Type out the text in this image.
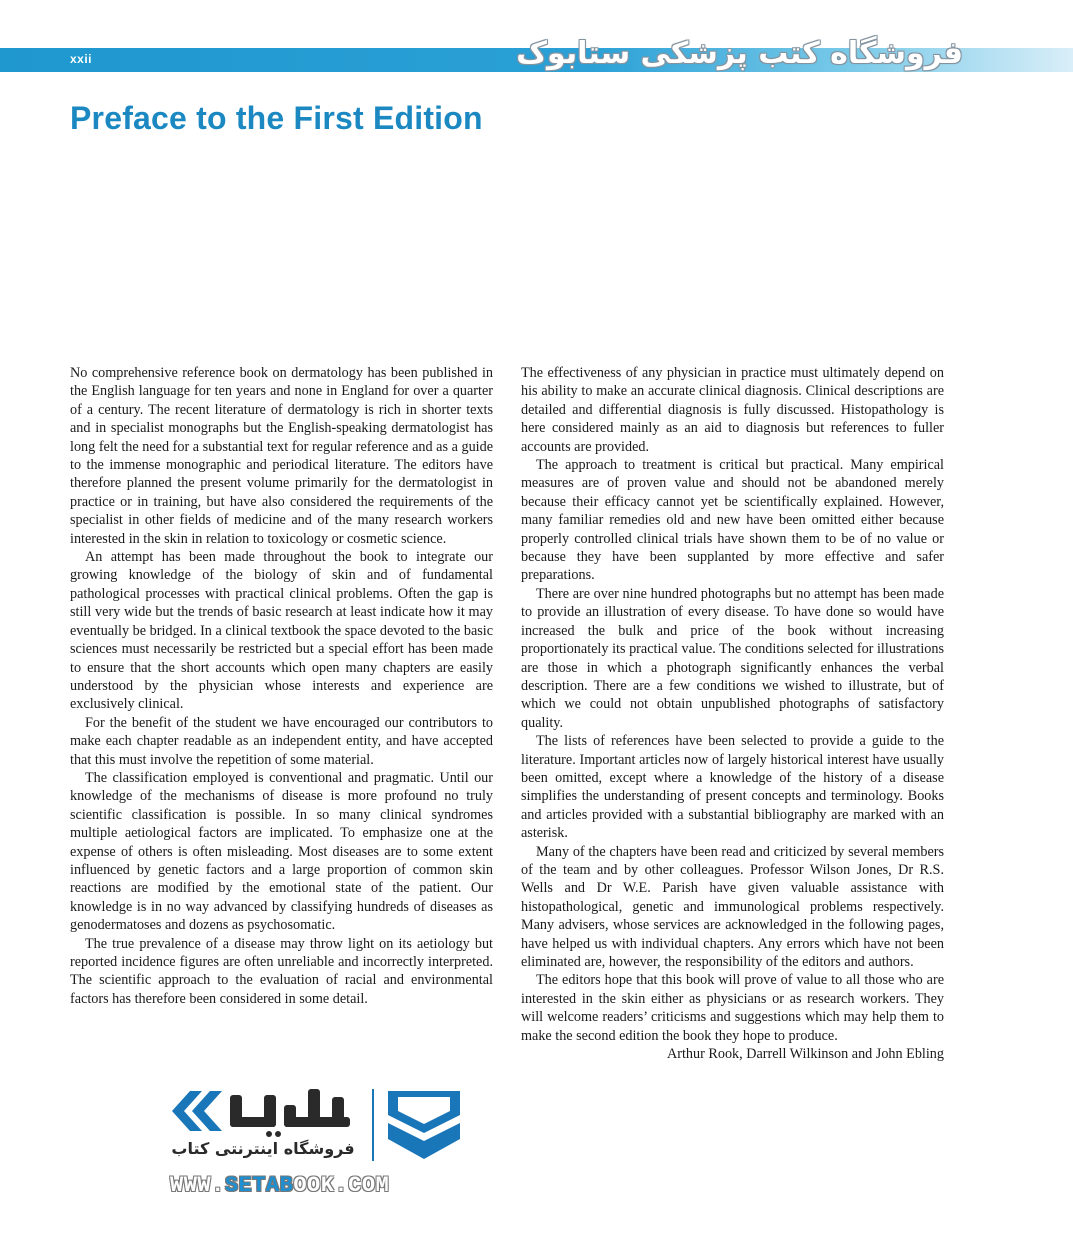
xxii	فروشگاه کتب پزشکی ستابوک
Preface to the First Edition

No comprehensive reference book on dermatology has been published in the English language for ten years and none in England for over a quarter of a century. The recent literature of dermatology is rich in shorter texts and in specialist monographs but the English-speaking dermatologist has long felt the need for a substantial text for regular reference and as a guide to the immense monographic and periodical literature. The editors have therefore planned the present volume primarily for the dermatologist in practice or in training, but have also considered the requirements of the specialist in other fields of medicine and of the many research workers interested in the skin in relation to toxicology or cosmetic science.

An attempt has been made throughout the book to integrate our growing knowledge of the biology of skin and of fundamental pathological processes with practical clinical problems. Often the gap is still very wide but the trends of basic research at least indicate how it may eventually be bridged. In a clinical textbook the space devoted to the basic sciences must necessarily be restricted but a special effort has been made to ensure that the short accounts which open many chapters are easily understood by the physician whose interests and experience are exclusively clinical.

For the benefit of the student we have encouraged our contributors to make each chapter readable as an independent entity, and have accepted that this must involve the repetition of some material.

The classification employed is conventional and pragmatic. Until our knowledge of the mechanisms of disease is more profound no truly scientific classification is possible. In so many clinical syndromes multiple aetiological factors are implicated. To emphasize one at the expense of others is often misleading. Most diseases are to some extent influenced by genetic factors and a large proportion of common skin reactions are modified by the emotional state of the patient. Our knowledge is in no way advanced by classifying hundreds of diseases as genodermatoses and dozens as psychosomatic.

The true prevalence of a disease may throw light on its aetiology but reported incidence figures are often unreliable and incorrectly interpreted. The scientific approach to the evaluation of racial and environmental factors has therefore been considered in some detail.

The effectiveness of any physician in practice must ultimately depend on his ability to make an accurate clinical diagnosis. Clinical descriptions are detailed and differential diagnosis is fully discussed. Histopathology is here considered mainly as an aid to diagnosis but references to fuller accounts are provided.

The approach to treatment is critical but practical. Many empirical measures are of proven value and should not be abandoned merely because their efficacy cannot yet be scientifically explained. However, many familiar remedies old and new have been omitted either because properly controlled clinical trials have shown them to be of no value or because they have been supplanted by more effective and safer preparations.

There are over nine hundred photographs but no attempt has been made to provide an illustration of every disease. To have done so would have increased the bulk and price of the book without increasing proportionately its practical value. The conditions selected for illustrations are those in which a photograph significantly enhances the verbal description. There are a few conditions we wished to illustrate, but of which we could not obtain unpublished photographs of satisfactory quality.

The lists of references have been selected to provide a guide to the literature. Important articles now of largely historical interest have usually been omitted, except where a knowledge of the history of a disease simplifies the understanding of present concepts and terminology. Books and articles provided with a substantial bibliography are marked with an asterisk.

Many of the chapters have been read and criticized by several members of the team and by other colleagues. Professor Wilson Jones, Dr R.S. Wells and Dr W.E. Parish have given valuable assistance with histopathological, genetic and immunological problems respectively. Many advisers, whose services are acknowledged in the following pages, have helped us with individual chapters. Any errors which have not been eliminated are, however, the responsibility of the editors and authors.

The editors hope that this book will prove of value to all those who are interested in the skin either as physicians or as research workers. They will welcome readers’ criticisms and suggestions which may help them to make the second edition the book they hope to produce.

Arthur Rook, Darrell Wilkinson and John Ebling

فروشگاه اینترنتی کتاب
WWW.SETABOOK.COM
